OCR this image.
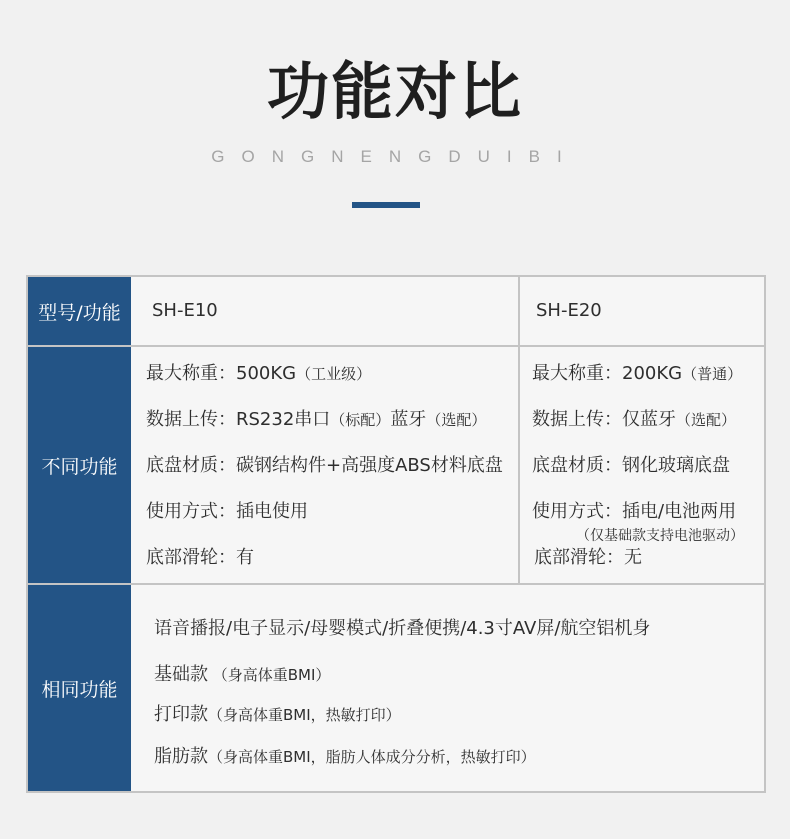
功能对比
GONGNENGDUIBI
型号/功能 SH-E10	SH-E20
不同功能
最大称重：500KG（工业级）
数据上传：RS232串口（标配）蓝牙（选配）
底盘材质：碳钢结构件+高强度ABS材料底盘
使用方式：插电使用
底部滑轮：有
最大称重：200KG（普通）
数据上传：仅蓝牙（选配）
底盘材质：钢化玻璃底盘
使用方式：插电/电池两用
（仅基础款支持电池驱动）
底部滑轮：无
相同功能
语音播报/电子显示/母婴模式/折叠便携/4.3寸AV屏/航空铝机身
基础款 （身高体重BMI）
打印款（身高体重BMI，热敏打印）
脂肪款（身高体重BMI，脂肪人体成分分析，热敏打印）
